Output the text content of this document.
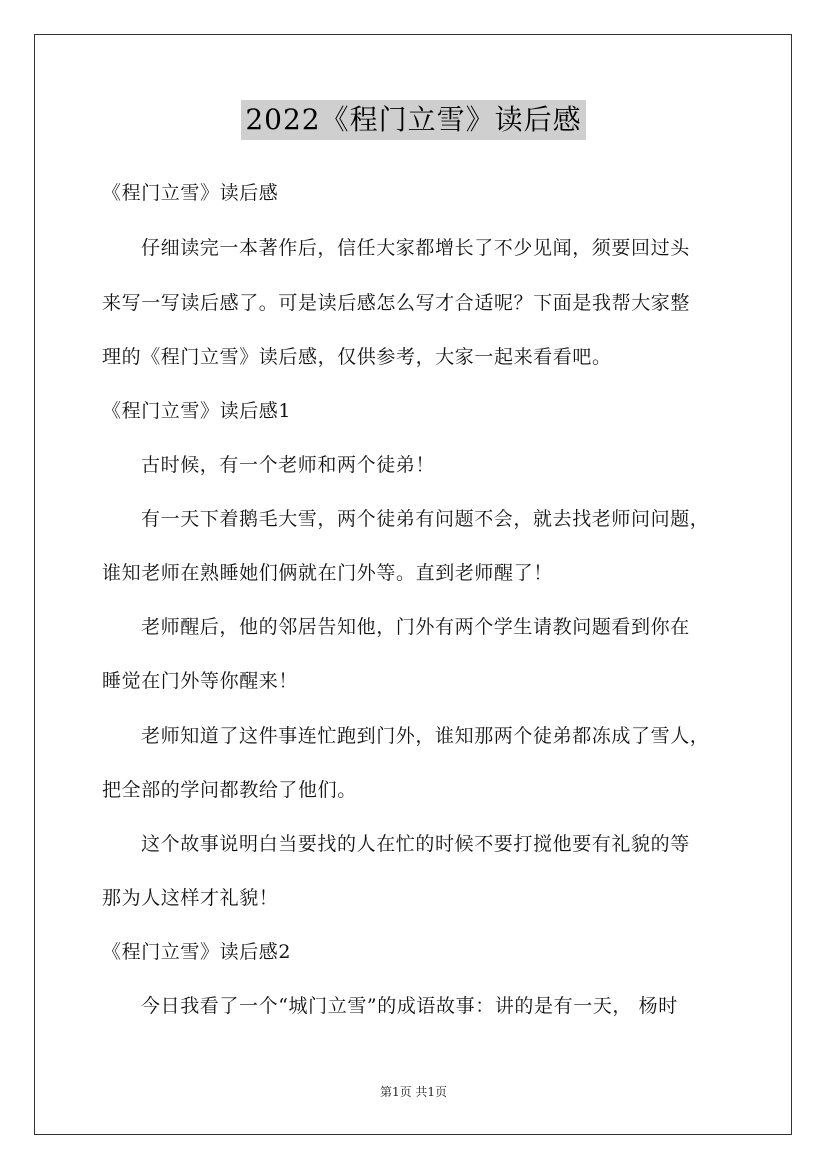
2022《程门立雪》读后感
《程门立雪》读后感
仔细读完一本著作后，信任大家都增长了不少见闻，须要回过头
来写一写读后感了。可是读后感怎么写才合适呢？下面是我帮大家整
理的《程门立雪》读后感，仅供参考，大家一起来看看吧。
《程门立雪》读后感1
古时候，有一个老师和两个徒弟！
有一天下着鹅毛大雪，两个徒弟有问题不会，就去找老师问问题，
谁知老师在熟睡她们俩就在门外等。直到老师醒了！
老师醒后，他的邻居告知他，门外有两个学生请教问题看到你在
睡觉在门外等你醒来！
老师知道了这件事连忙跑到门外，谁知那两个徒弟都冻成了雪人，
把全部的学问都教给了他们。
这个故事说明白当要找的人在忙的时候不要打搅他要有礼貌的等
那为人这样才礼貌！
《程门立雪》读后感2
今日我看了一个“城门立雪”的成语故事：讲的是有一天， 杨时
第1页 共1页
